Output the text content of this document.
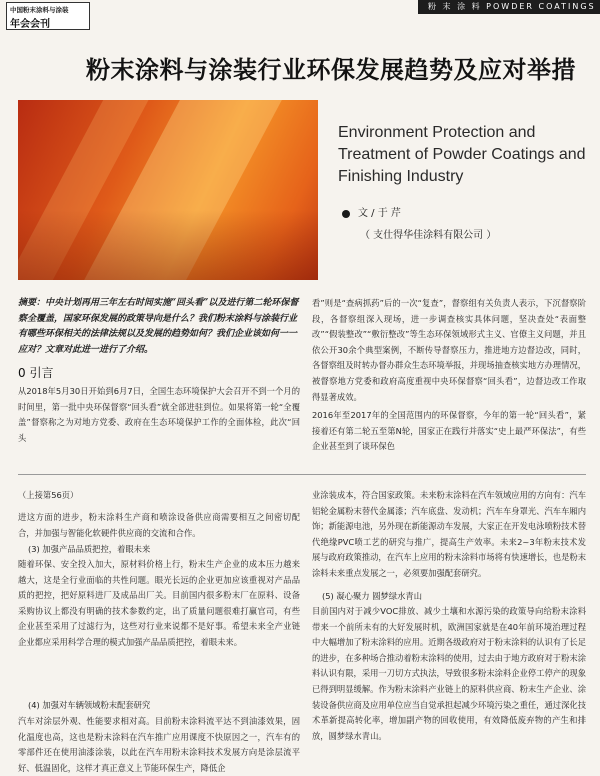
中国粉末涂料与涂装
年会会刊
粉 末 涂 料 POWDER COATINGS
粉末涂料与涂装行业环保发展趋势及应对举措
Environment Protection and Treatment of Powder Coatings and Finishing Industry
文 / 于 芹
（ 支仕得华佳涂料有限公司 ）
摘要：中央计划再用三年左右时间实施“回头看”以及进行第二轮环保督察全覆盖，国家环保发展的政策导向是什么？我们粉末涂料与涂装行业有哪些环保相关的法律法规以及发展的趋势如何？我们企业该如何一一应对？文章对此进一进行了介绍。
0 引言
从2018年5月30日开始到6月7日，全国生态环境保护大会召开不到一个月的时间里，第一批中央环保督察“回头看”就全部进驻到位。如果将第一轮“全覆盖”督察称之为对地方党委、政府在生态环境保护工作的全面体检，此次“回头
看”则是“查病抓药”后的一次“复查”，督察组有关负责人表示，下沉督察阶段，各督察组深入现场，进一步调查核实具体问题，坚决查处“表面整改”“假装整改”“敷衍整改”等生态环保领域形式主义、官僚主义问题，并且依公开30余个典型案例，不断传导督察压力，推进地方边督边改，同时，各督察组及时转办督办群众生态环境举报，并现场抽查核实地方办理情况，被督察地方党委和政府高度重视中央环保督察“回头看”，边督边改工作取得显著成效。
2016年至2017年的全国范围内的环保督察，今年的第一轮“回头看”，紧接着还有第二轮五至第N轮，国家正在践行并落实“史上最严环保法”，有些企业甚至到了谈环保色
（上接第56页）
进这方面的进步，粉末涂料生产商和喷涂设备供应商需要相互之间密切配合，并加强与智能化软硬件供应商的交流和合作。
(3) 加强产品品质把控，着眼未来
随着环保、安全投入加大，原材料价格上行，粉末生产企业的成本压力越来越大，这是全行业面临的共性问题。眼光长远的企业更加应该重视对产品品质的把控，把好原料进厂及成品出厂关。目前国内很多粉末厂在原料、设备采购协议上都没有明确的技术参数约定，出了质量问题很难打赢官司，有些企业甚至采用了过滤行为，这些对行业来说都不是好事。希望未来全产业链企业都应采用科学合理的模式加强产品品质把控，着眼未来。
(4) 加强对车辆领域粉末配套研究
汽车对涂层外观、性能要求相对高。目前粉末涂料流平达不到油漆效果，固化温度也高，这也是粉末涂料在汽车推广应用课度不快原因之一，汽车有的零部件还在使用油漆涂装，以此在汽车用粉末涂料技术发展方向是涂层流平好、低温固化，这样才真正意义上节能环保生产，降低企
业涂装成本，符合国家政策。未来粉末涂料在汽车领域应用的方向有：汽车铝轮金属粉末替代金属漆；汽车底盘、发动机；汽车车身罩光、汽车车厢内饰；新能源电池，另外现在新能源动车发展，大家正在开发电泳喷粉技术替代绝缘PVC喷工艺的研究与推广，提高生产效率。未来2~3年粉末技术发展与政府政策推动，在汽车上应用的粉末涂料市场将有快速增长，也是粉末涂料未来重点发展之一，必须要加强配套研究。
(5) 凝心聚力 圆梦绿水青山
目前国内对于减少VOC排放、减少土壤和水源污染的政策导向给粉末涂料带来一个前所未有的大好发展时机，欧洲国家就是在40年前环境治理过程中大幅增加了粉末涂料的应用。近期各级政府对于粉末涂料的认识有了长足的进步，在多种场合推动着粉末涂料的使用，过去由于地方政府对于粉末涂料认识有限，采用一刀切方式执法，导致很多粉末涂料企业停工停产的现象已得到明显缓解。作为粉末涂料产业链上的原料供应商、粉末生产企业、涂装设备供应商及应用单位应当自觉承担起减少环境污染之重任，通过深化技术革新提高转化率，增加副产物的回收使用，有效降低废弃物的产生和排放，圆梦绿水青山。
